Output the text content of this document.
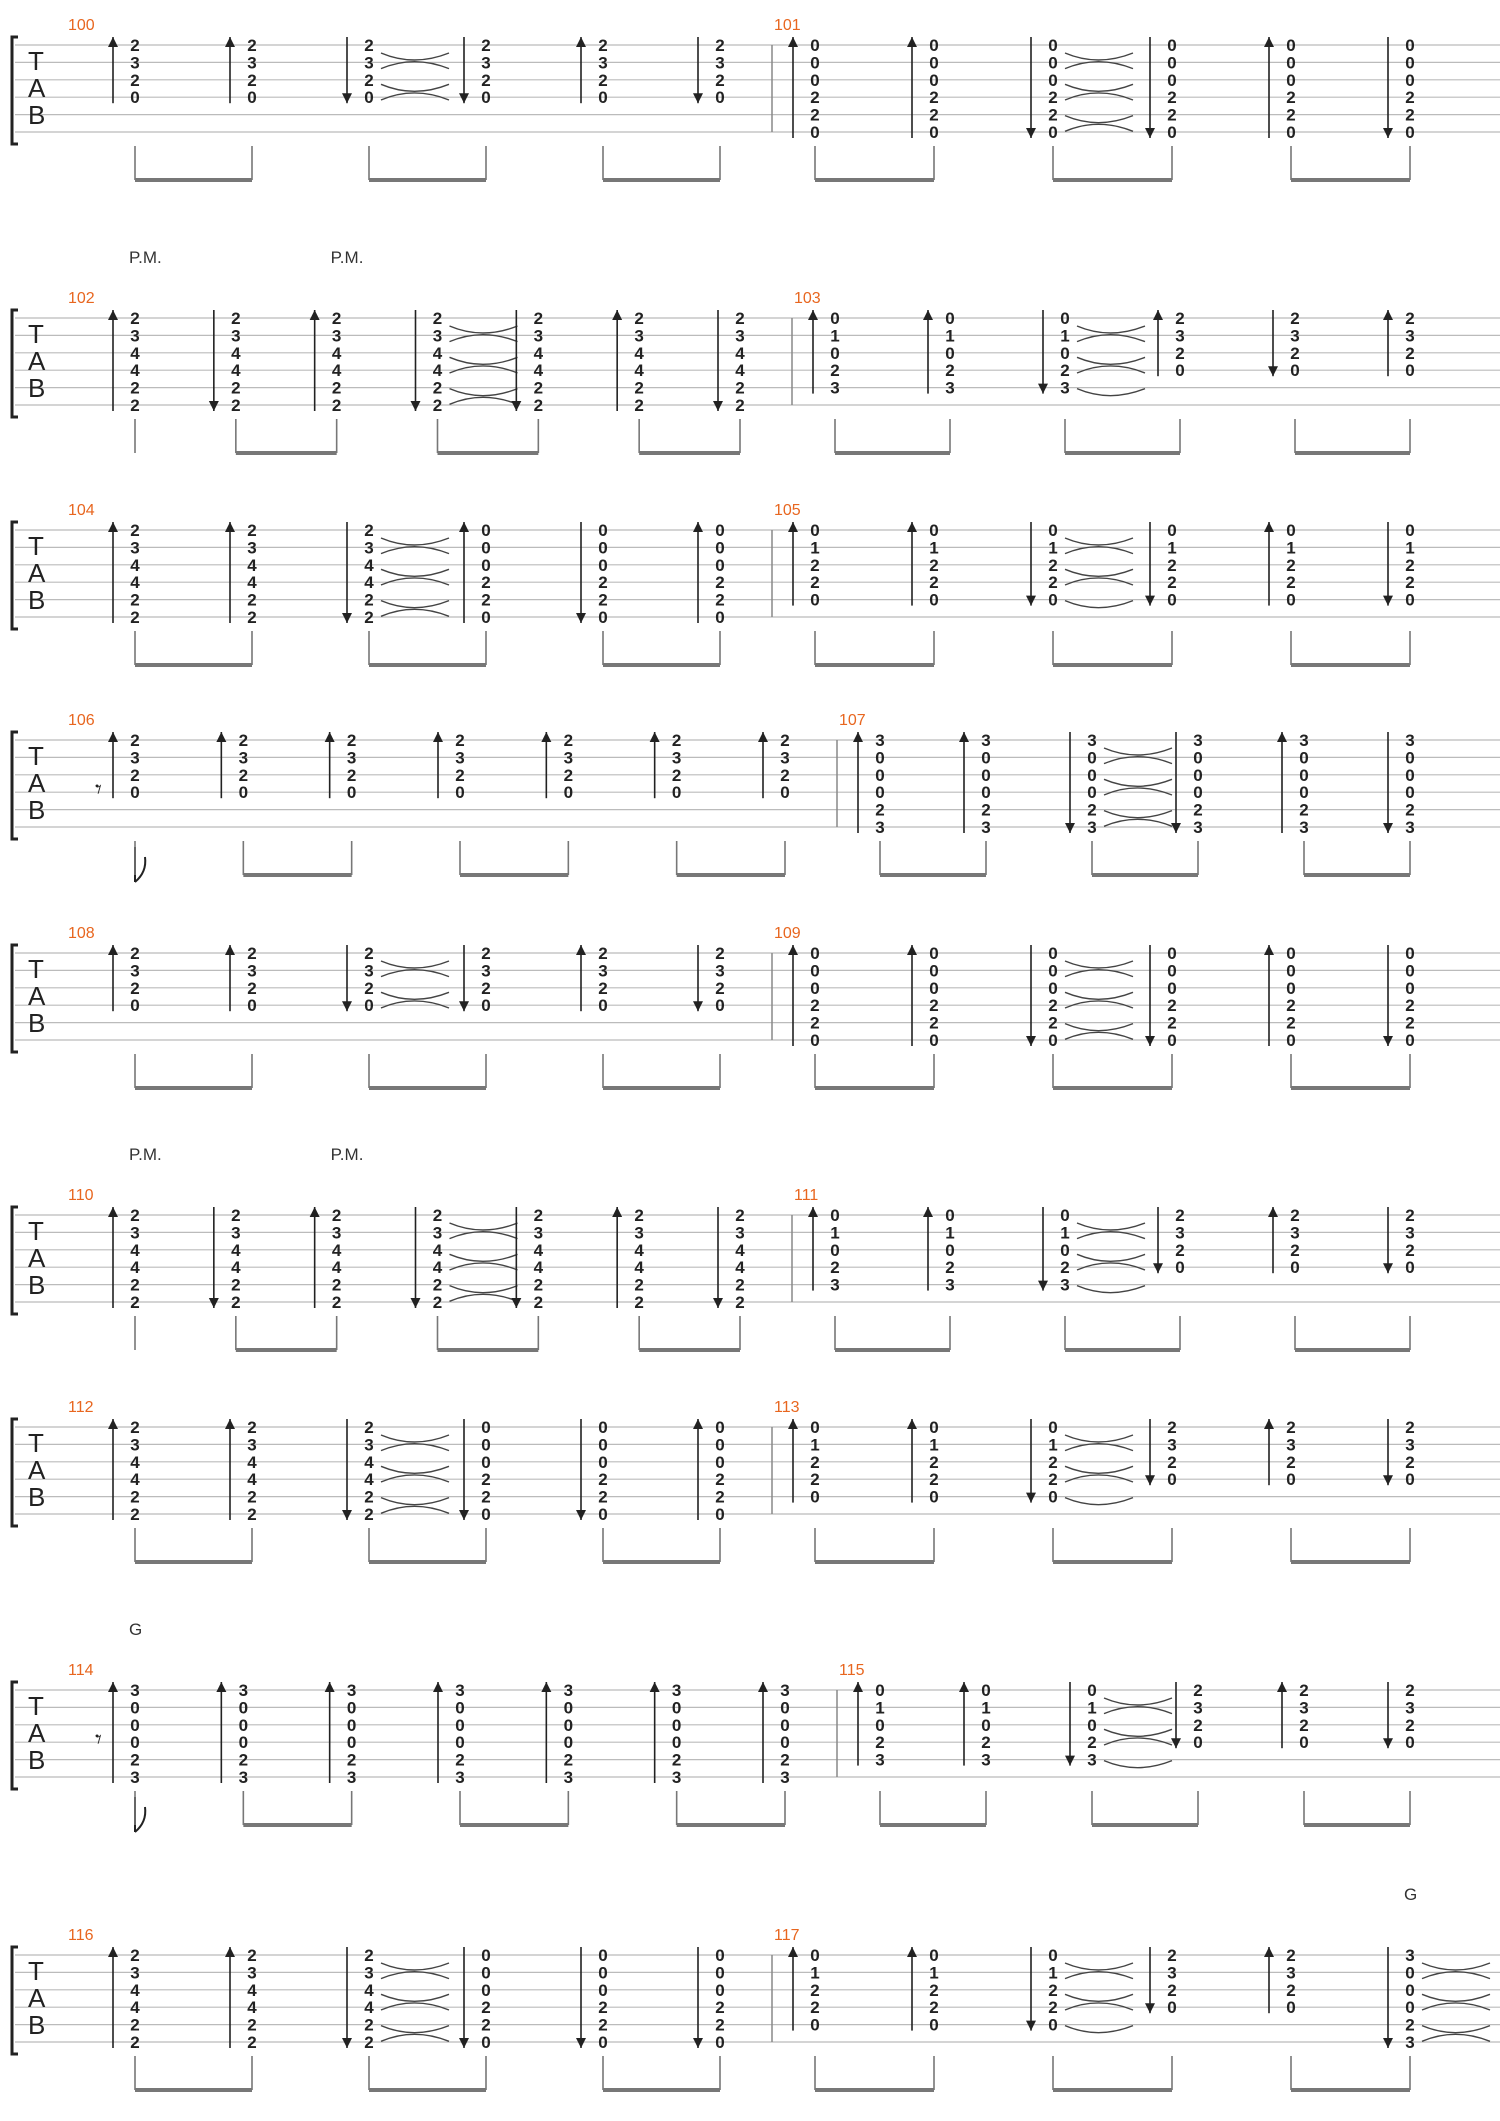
T
A
B
100
2
3
2
0
2
3
2
0
2
3
2
0
2
3
2
0
2
3
2
0
2
3
2
0
101
0
0
0
2
2
0
0
0
0
2
2
0
0
0
0
2
2
0
0
0
0
2
2
0
0
0
0
2
2
0
0
0
0
2
2
0
T
A
B
102
2
3
4
4
2
2
2
3
4
4
2
2
2
3
4
4
2
2
2
3
4
4
2
2
2
3
4
4
2
2
2
3
4
4
2
2
2
3
4
4
2
2
P.M.	P.M.
103
0
1
0
2
3
0
1
0
2
3
0
1
0
2
3
2
3
2
0
2
3
2
0
2
3
2
0
T
A
B
104
2
3
4
4
2
2
2
3
4
4
2
2
2
3
4
4
2
2
0
0
0
2
2
0
0
0
0
2
2
0
0
0
0
2
2
0
105
0
1
2
2
0
0
1
2
2
0
0
1
2
2
0
0
1
2
2
0
0
1
2
2
0
0
1
2
2
0
T
A
B
106
𝄾
2
3
2
0
2
3
2
0
2
3
2
0
2
3
2
0
2
3
2
0
2
3
2
0
2
3
2
0
107
3
0
0
0
2
3
3
0
0
0
2
3
3
0
0
0
2
3
3
0
0
0
2
3
3
0
0
0
2
3
3
0
0
0
2
3
T
A
B
108
2
3
2
0
2
3
2
0
2
3
2
0
2
3
2
0
2
3
2
0
2
3
2
0
109
0
0
0
2
2
0
0
0
0
2
2
0
0
0
0
2
2
0
0
0
0
2
2
0
0
0
0
2
2
0
0
0
0
2
2
0
T
A
B
110
2
3
4
4
2
2
2
3
4
4
2
2
2
3
4
4
2
2
2
3
4
4
2
2
2
3
4
4
2
2
2
3
4
4
2
2
2
3
4
4
2
2
P.M.	P.M.
111
0
1
0
2
3
0
1
0
2
3
0
1
0
2
3
2
3
2
0
2
3
2
0
2
3
2
0
T
A
B
112
2
3
4
4
2
2
2
3
4
4
2
2
2
3
4
4
2
2
0
0
0
2
2
0
0
0
0
2
2
0
0
0
0
2
2
0
113
0
1
2
2
0
0
1
2
2
0
0
1
2
2
0
2
3
2
0
2
3
2
0
2
3
2
0
T
A
B
114
𝄾
3
0
0
0
2
3
3
0
0
0
2
3
3
0
0
0
2
3
3
0
0
0
2
3
3
0
0
0
2
3
3
0
0
0
2
3
3
0
0
0
2
3
G
115
0
1
0
2
3
0
1
0
2
3
0
1
0
2
3
2
3
2
0
2
3
2
0
2
3
2
0
T
A
B
116
2
3
4
4
2
2
2
3
4
4
2
2
2
3
4
4
2
2
0
0
0
2
2
0
0
0
0
2
2
0
0
0
0
2
2
0
117
0
1
2
2
0
0
1
2
2
0
0
1
2
2
0
2
3
2
0
2
3
2
0
3
0
0
0
2
3
G
